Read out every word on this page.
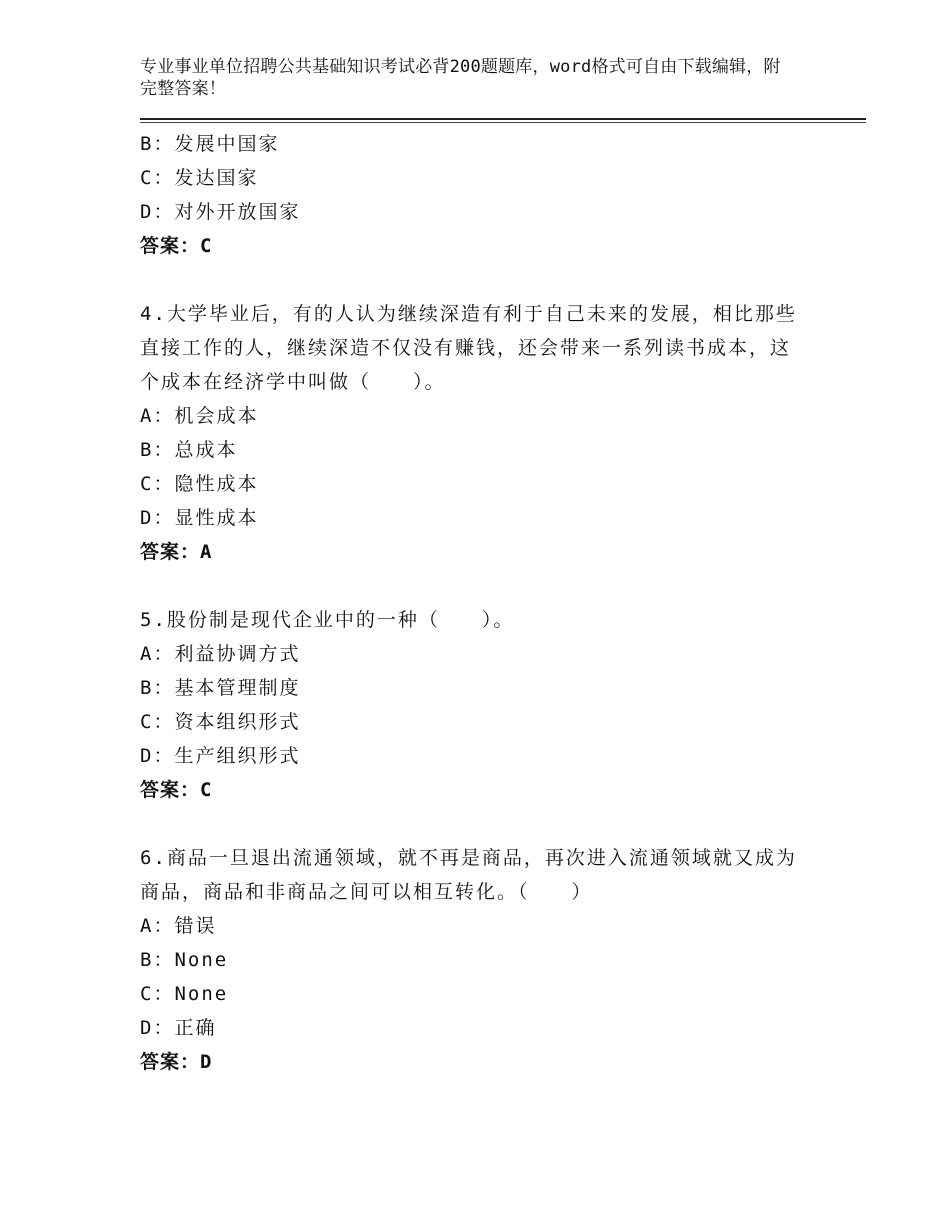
专业事业单位招聘公共基础知识考试必背200题题库，word格式可自由下载编辑，附完整答案！
B：发展中国家
C：发达国家
D：对外开放国家
答案：C
4.大学毕业后，有的人认为继续深造有利于自己未来的发展，相比那些直接工作的人，继续深造不仅没有赚钱，还会带来一系列读书成本，这个成本在经济学中叫做（　　）。
A：机会成本
B：总成本
C：隐性成本
D：显性成本
答案：A
5.股份制是现代企业中的一种（　　）。
A：利益协调方式
B：基本管理制度
C：资本组织形式
D：生产组织形式
答案：C
6.商品一旦退出流通领域，就不再是商品，再次进入流通领域就又成为商品，商品和非商品之间可以相互转化。（　　）
A：错误
B：None
C：None
D：正确
答案：D
